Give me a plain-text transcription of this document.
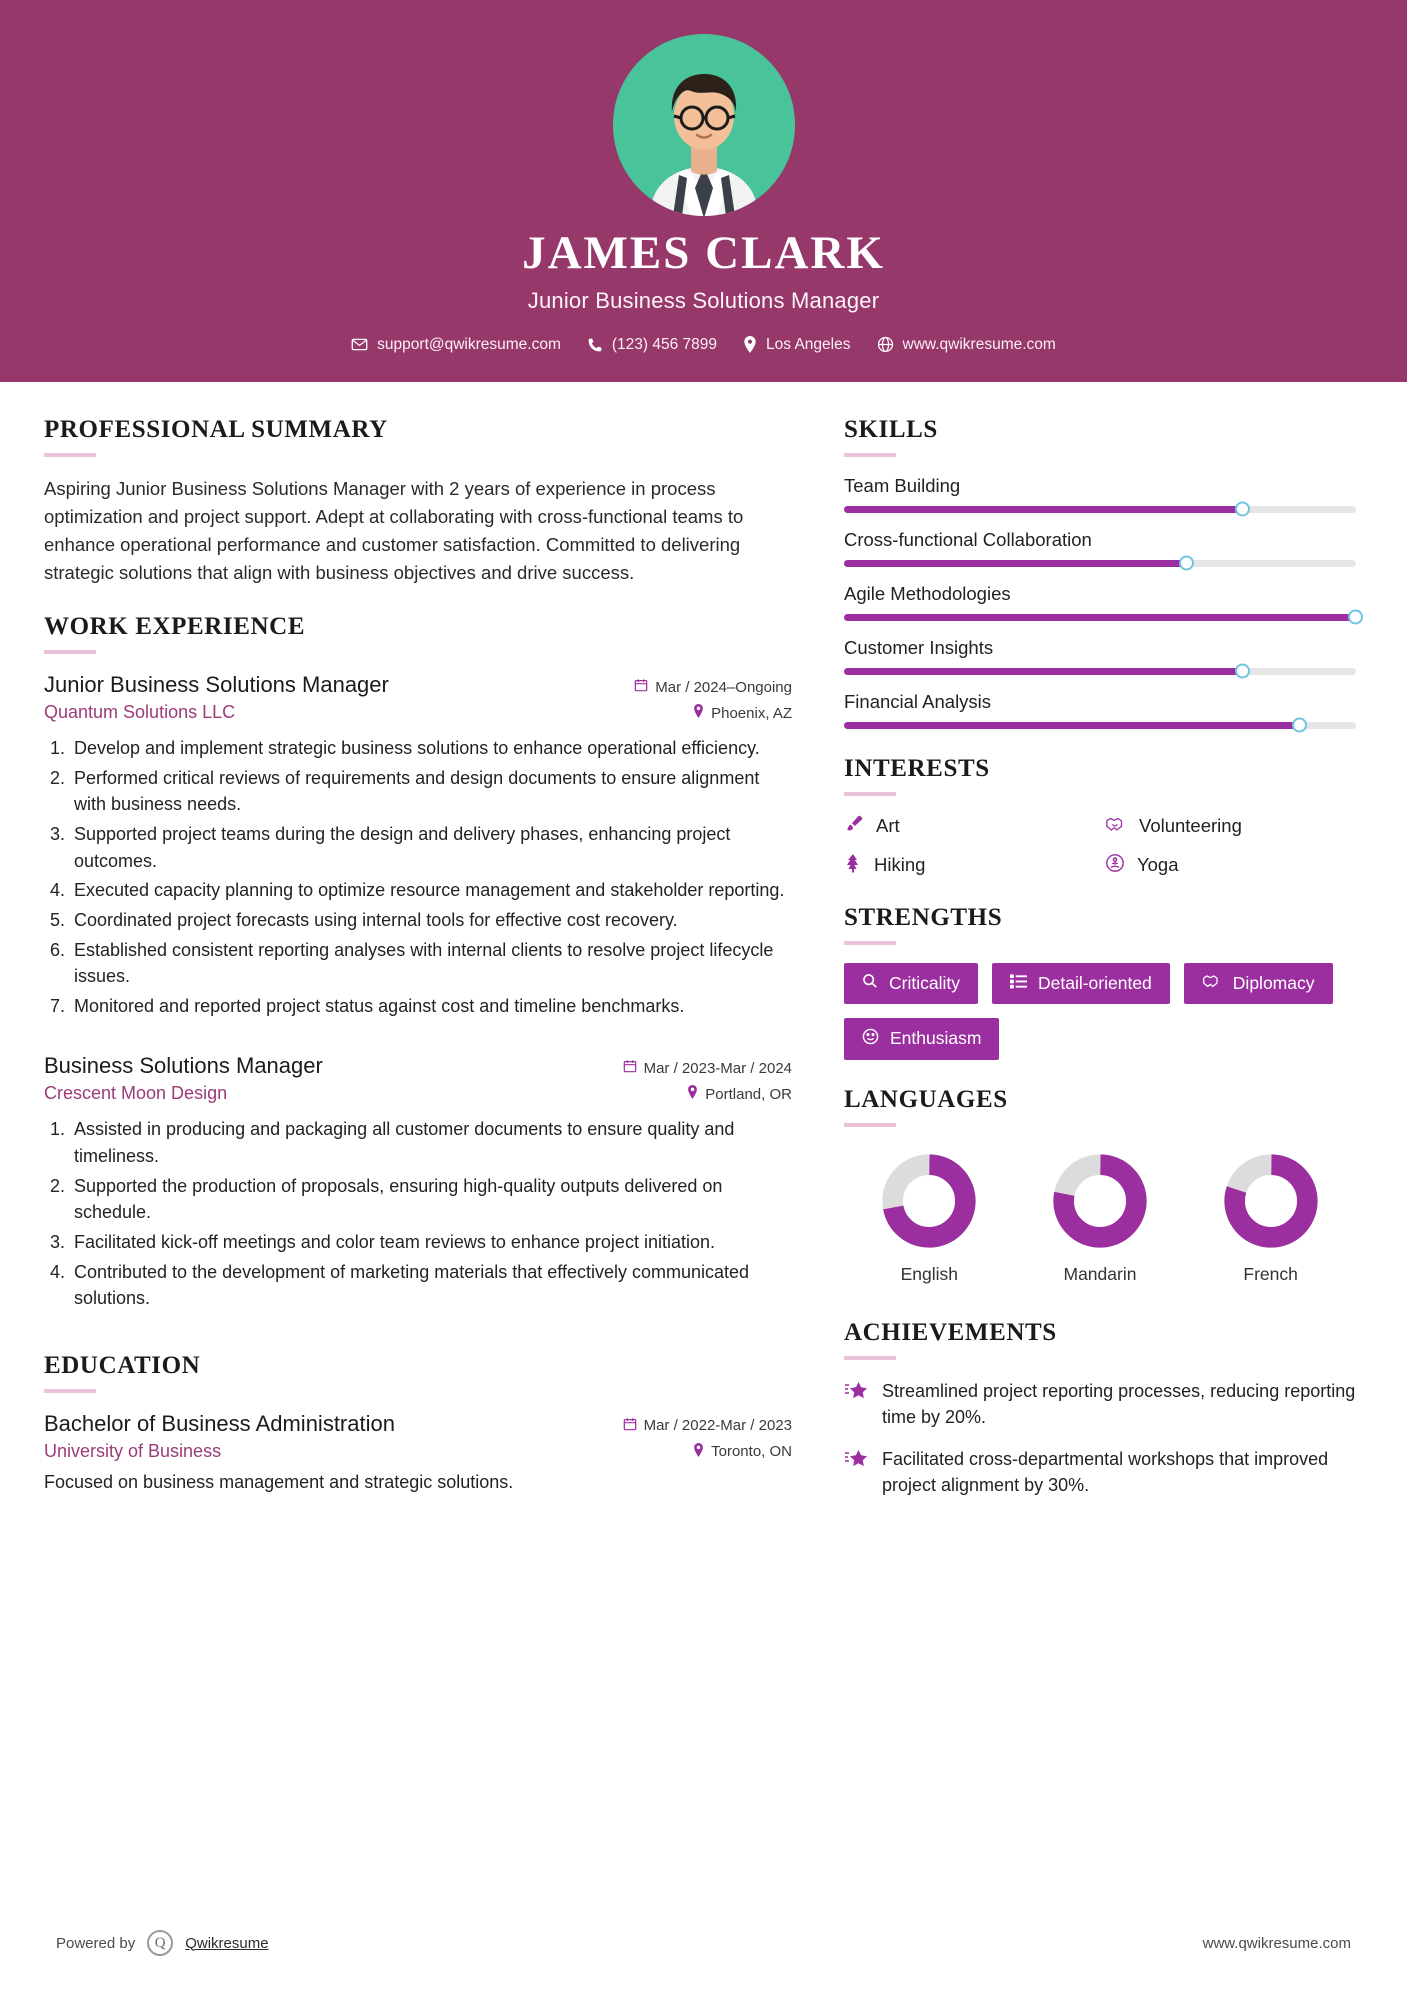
JAMES CLARK
Junior Business Solutions Manager
support@qwikresume.com	(123) 456 7899	Los Angeles	www.qwikresume.com
PROFESSIONAL SUMMARY

Aspiring Junior Business Solutions Manager with 2 years of experience in process optimization and project support. Adept at collaborating with cross-functional teams to enhance operational performance and customer satisfaction. Committed to delivering strategic solutions that align with business objectives and drive success.

WORK EXPERIENCE
Junior Business Solutions Manager	Mar / 2024–Ongoing
Quantum Solutions LLC	Phoenix, AZ
1. Develop and implement strategic business solutions to enhance operational efficiency.
2. Performed critical reviews of requirements and design documents to ensure alignment with business needs.
3. Supported project teams during the design and delivery phases, enhancing project outcomes.
4. Executed capacity planning to optimize resource management and stakeholder reporting.
5. Coordinated project forecasts using internal tools for effective cost recovery.
6. Established consistent reporting analyses with internal clients to resolve project lifecycle issues.
7. Monitored and reported project status against cost and timeline benchmarks.
Business Solutions Manager	Mar / 2023-Mar / 2024
Crescent Moon Design	Portland, OR
1. Assisted in producing and packaging all customer documents to ensure quality and timeliness.
2. Supported the production of proposals, ensuring high-quality outputs delivered on schedule.
3. Facilitated kick-off meetings and color team reviews to enhance project initiation.
4. Contributed to the development of marketing materials that effectively communicated solutions.
EDUCATION
Bachelor of Business Administration	Mar / 2022-Mar / 2023
University of Business	Toronto, ON
Focused on business management and strategic solutions.
SKILLS
Team Building
Cross-functional Collaboration
Agile Methodologies
Customer Insights
Financial Analysis
INTERESTS
Art	Volunteering
Hiking	Yoga
STRENGTHS
Criticality	Detail-oriented	Diplomacy
Enthusiasm
LANGUAGES
English	Mandarin	French
ACHIEVEMENTS
Streamlined project reporting processes, reducing reporting time by 20%.
Facilitated cross-departmental workshops that improved project alignment by 30%.
Powered by	Q	Qwikresume	www.qwikresume.com
